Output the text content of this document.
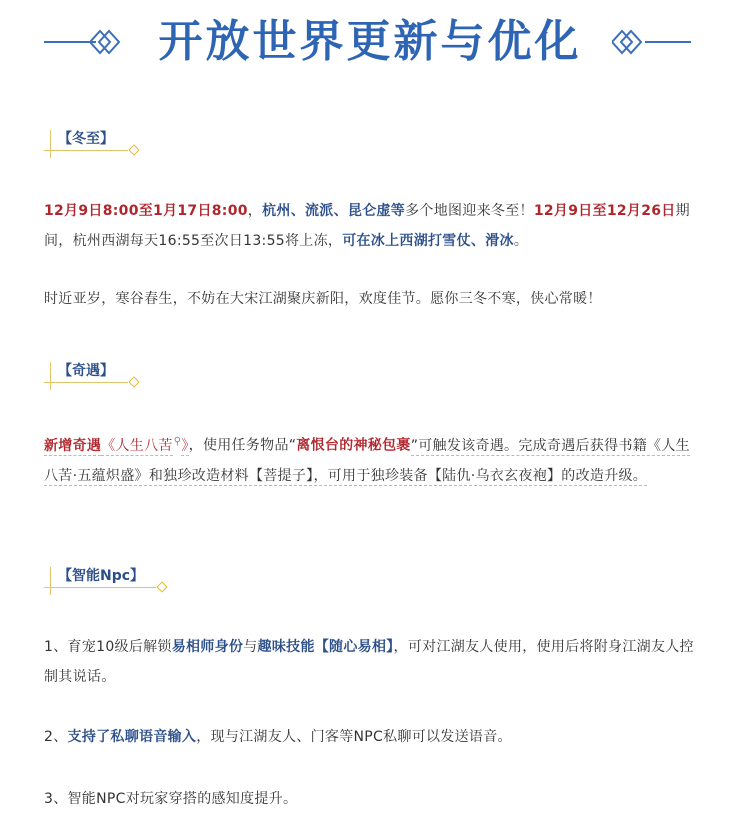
开放世界更新与优化
【冬至】
12月9日8:00至1月17日8:00，杭州、流派、昆仑虚等多个地图迎来冬至！12月9日至12月26日期间，杭州西湖每天16:55至次日13:55将上冻，可在冰上西湖打雪仗、滑冰。
时近亚岁，寒谷春生，不妨在大宋江湖聚庆新阳，欢度佳节。愿你三冬不寒，侠心常暖！
【奇遇】
新增奇遇《人生八苦⚲》，使用任务物品“离恨台的神秘包裹”可触发该奇遇。完成奇遇后获得书籍《人生八苦·五蕴炽盛》和独珍改造材料【菩提子】，可用于独珍装备【陆仇·乌衣玄夜袍】的改造升级。
【智能Npc】
1、育宠10级后解锁易相师身份与趣味技能【随心易相】，可对江湖友人使用，使用后将附身江湖友人控制其说话。
2、支持了私聊语音输入，现与江湖友人、门客等NPC私聊可以发送语音。
3、智能NPC对玩家穿搭的感知度提升。
